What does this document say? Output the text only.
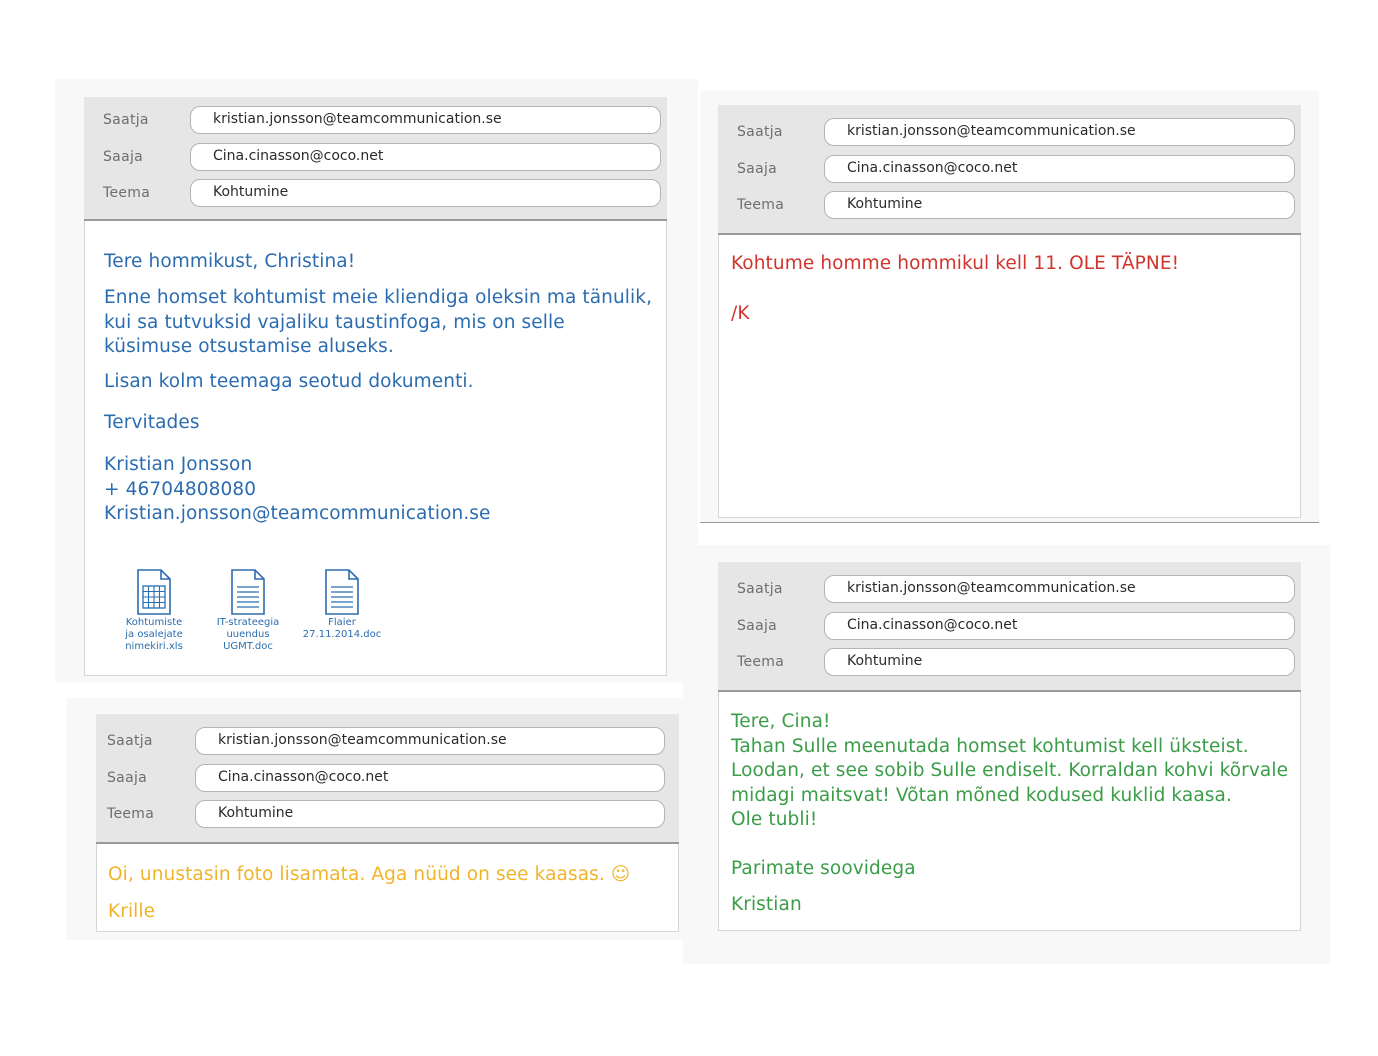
Saatja	kristian.jonsson@teamcommunication.se
Saaja	Cina.cinasson@coco.net
Teema	Kohtumine
Tere hommikust, Christina!
Enne homset kohtumist meie kliendiga oleksin ma tänulik,
kui sa tutvuksid vajaliku taustinfoga, mis on selle
küsimuse otsustamise aluseks.
Lisan kolm teemaga seotud dokumenti.
Tervitades
Kristian Jonsson
+ 46704808080
Kristian.jonsson@teamcommunication.se
Kohtumiste
ja osalejate
nimekiri.xls
IT-strateegia
uuendus
UGMT.doc
Flaier
27.11.2014.doc
Saatja	kristian.jonsson@teamcommunication.se
Saaja	Cina.cinasson@coco.net
Teema	Kohtumine
Kohtume homme hommikul kell 11. OLE TÄPNE!
/K
Saatja	kristian.jonsson@teamcommunication.se
Saaja	Cina.cinasson@coco.net
Teema	Kohtumine
Oi, unustasin foto lisamata. Aga nüüd on see kaasas. ☺
Krille
Saatja	kristian.jonsson@teamcommunication.se
Saaja	Cina.cinasson@coco.net
Teema	Kohtumine
Tere, Cina!
Tahan Sulle meenutada homset kohtumist kell üksteist.
Loodan, et see sobib Sulle endiselt. Korraldan kohvi kõrvale
midagi maitsvat! Võtan mõned kodused kuklid kaasa.
Ole tubli!
Parimate soovidega
Kristian
